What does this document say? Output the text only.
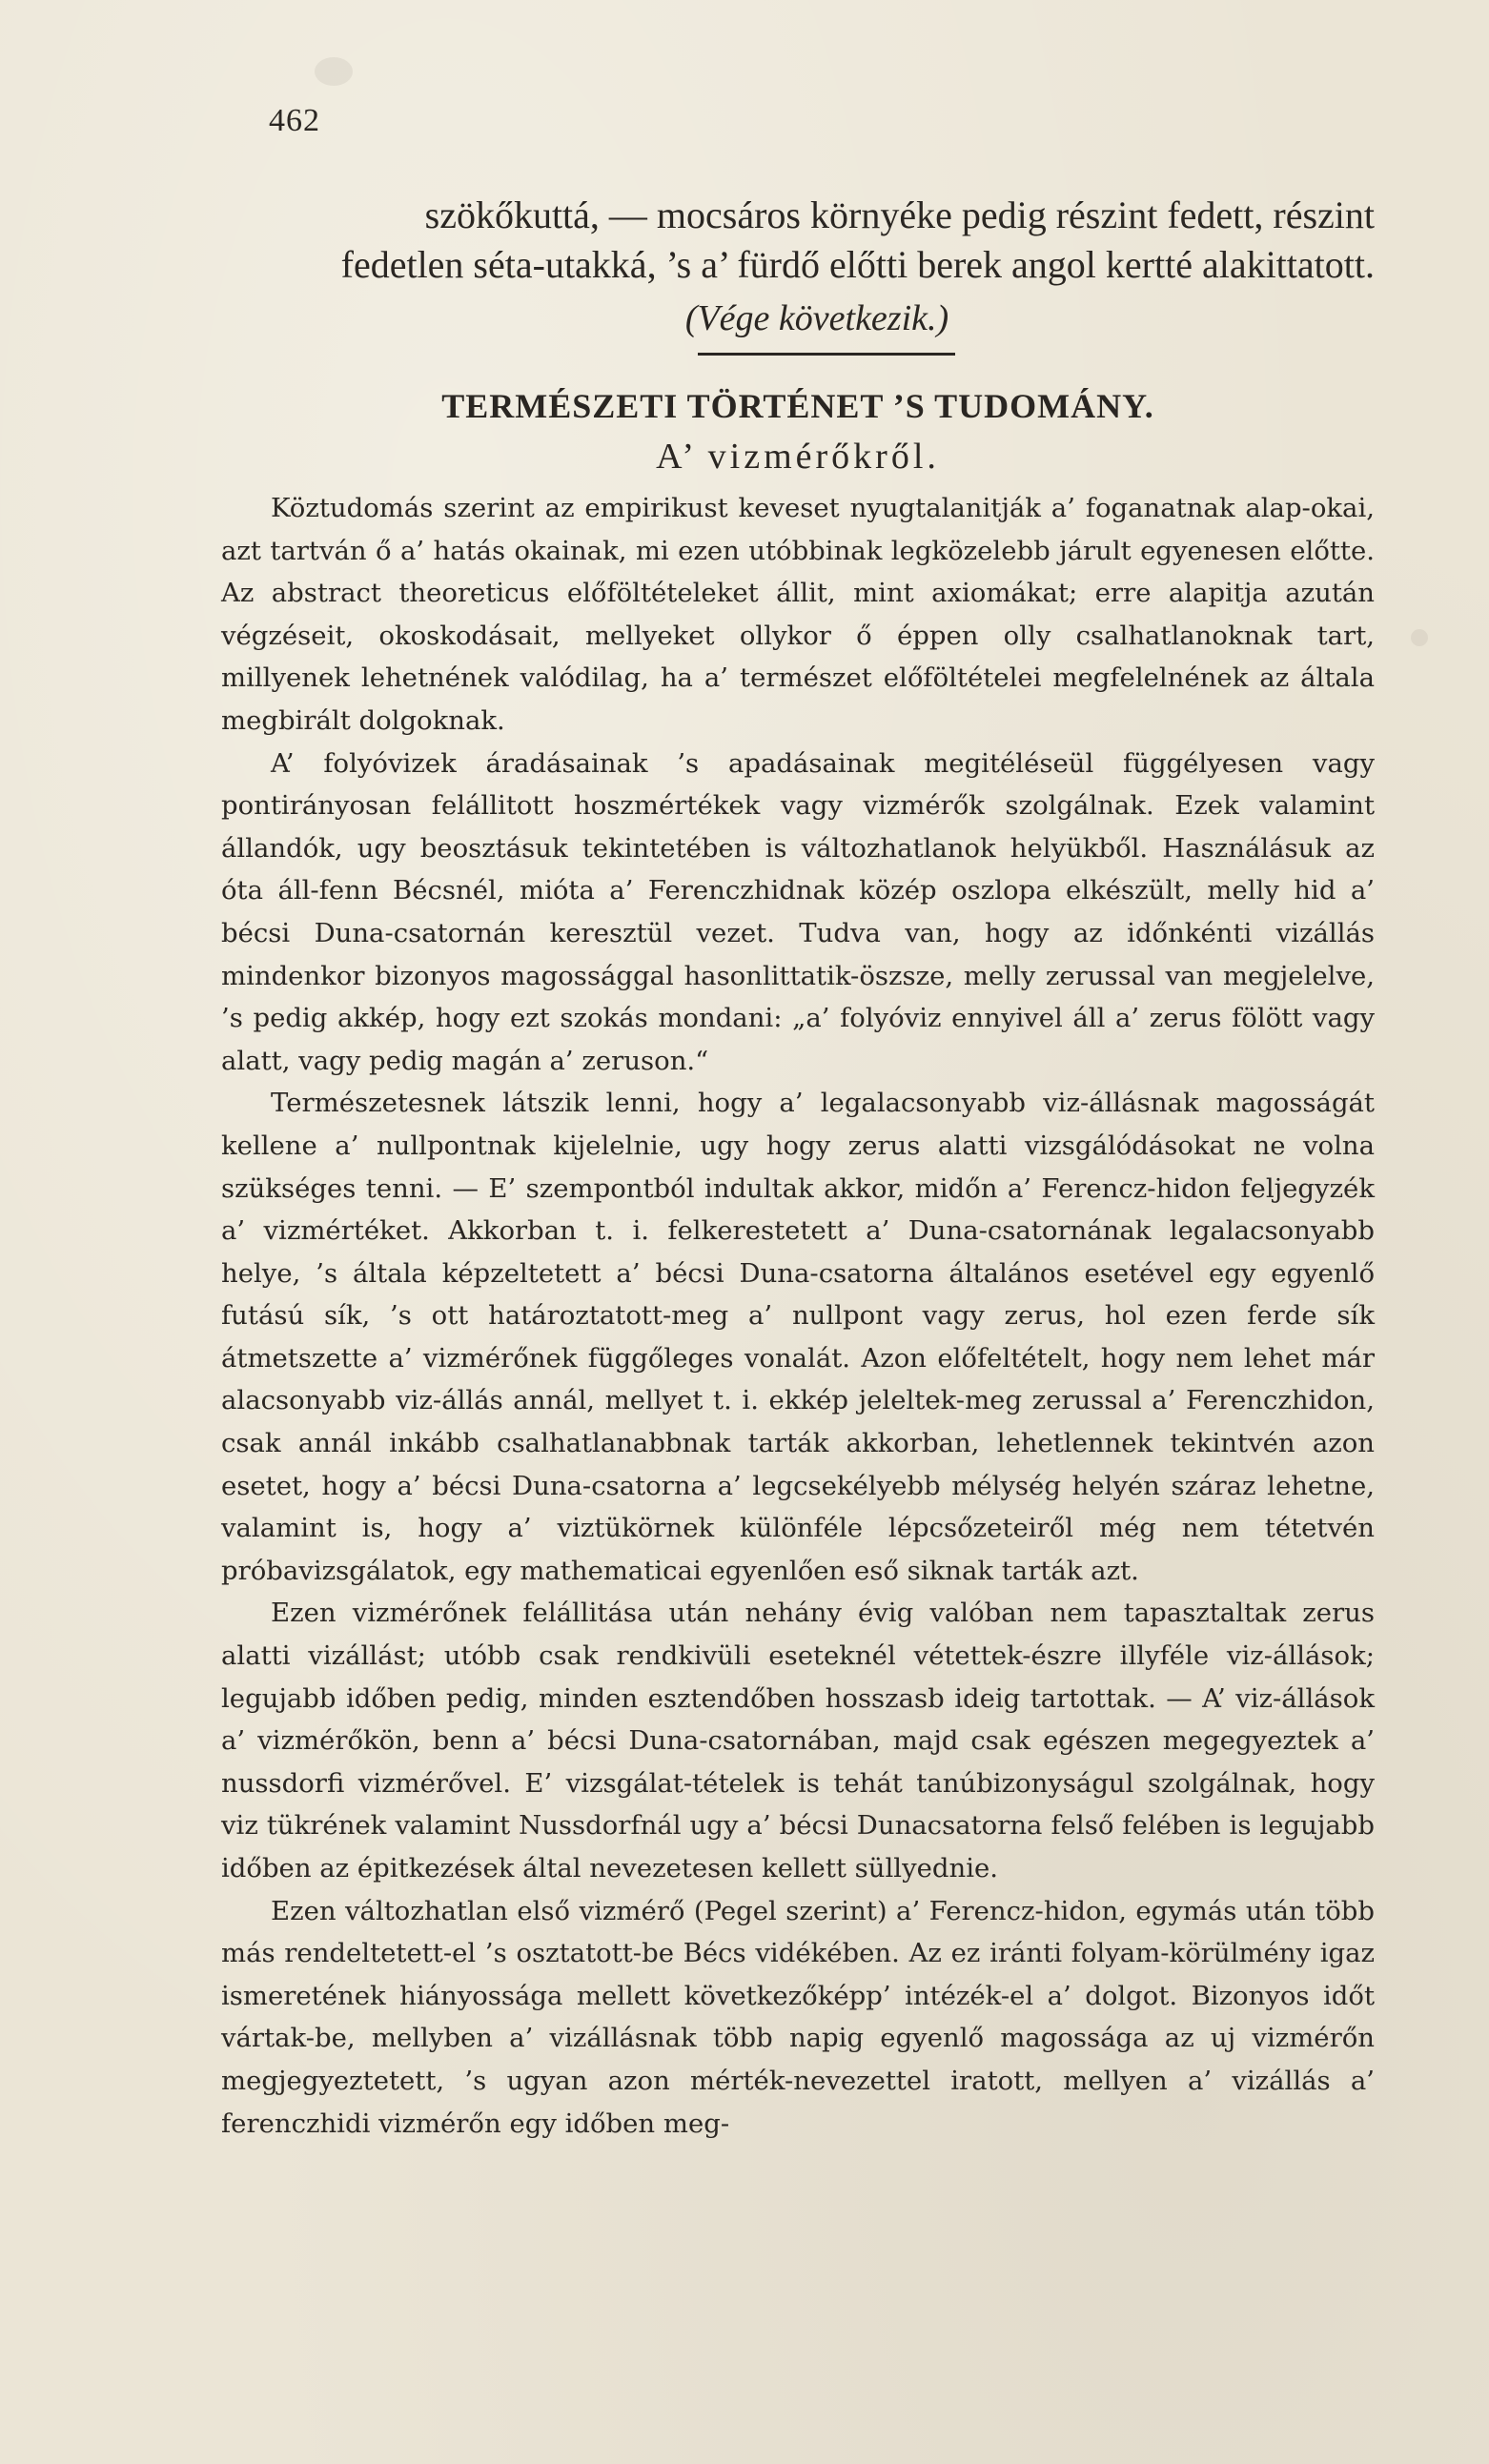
462

szökőkuttá, — mocsáros környéke pedig részint fedett, részint

fedetlen séta-utakká, ’s a’ fürdő előtti berek angol kertté alakittatott.

(Vége következik.)

TERMÉSZETI TÖRTÉNET ’S TUDOMÁNY.

A’ vizmérőkről.

Köztudomás szerint az empirikust keveset nyugtalanitják a’ foganatnak alap-okai, azt tartván ő a’ hatás okainak, mi ezen utóbbinak legközelebb járult egyenesen előtte. Az abstract theoreticus előföltételeket állit, mint axiomákat; erre alapitja azután végzéseit, okoskodásait, mellyeket ollykor ő éppen olly csalhatlanoknak tart, millyenek lehetnének valódilag, ha a’ természet előföltételei megfelelnének az általa megbirált dolgoknak.

A’ folyóvizek áradásainak ’s apadásainak megitéléseül függélyesen vagy pontirányosan felállitott hoszmértékek vagy vizmérők szolgálnak. Ezek valamint állandók, ugy beosztásuk tekintetében is változhatlanok helyükből. Használásuk az óta áll-fenn Bécsnél, mióta a’ Ferenczhidnak közép oszlopa elkészült, melly hid a’ bécsi Duna-csatornán keresztül vezet. Tudva van, hogy az időnkénti vizállás mindenkor bizonyos magossággal hasonlittatik-öszsze, melly zerussal van megjelelve, ’s pedig akkép, hogy ezt szokás mondani: „a’ folyóviz ennyivel áll a’ zerus fölött vagy alatt, vagy pedig magán a’ zeruson.“

Természetesnek látszik lenni, hogy a’ legalacsonyabb viz-állásnak magosságát kellene a’ nullpontnak kijelelnie, ugy hogy zerus alatti vizsgálódásokat ne volna szükséges tenni. — E’ szempontból indultak akkor, midőn a’ Ferencz-hidon feljegyzék a’ vizmértéket. Akkorban t. i. felkerestetett a’ Duna-csatornának legalacsonyabb helye, ’s általa képzeltetett a’ bécsi Duna-csatorna általános esetével egy egyenlő futású sík, ’s ott határoztatott-meg a’ nullpont vagy zerus, hol ezen ferde sík átmetszette a’ vizmérőnek függőleges vonalát. Azon előfeltételt, hogy nem lehet már alacsonyabb viz-állás annál, mellyet t. i. ekkép jeleltek-meg zerussal a’ Ferenczhidon, csak annál inkább csalhatlanabbnak tarták akkorban, lehetlennek tekintvén azon esetet, hogy a’ bécsi Duna-csatorna a’ legcsekélyebb mélység helyén száraz lehetne, valamint is, hogy a’ viztükörnek különféle lépcsőzeteiről még nem tétetvén próbavizsgálatok, egy mathematicai egyenlően eső siknak tarták azt.

Ezen vizmérőnek felállitása után nehány évig valóban nem tapasztaltak zerus alatti vizállást; utóbb csak rendkivüli eseteknél vétettek-észre illyféle viz-állások; legujabb időben pedig, minden esztendőben hosszasb ideig tartottak. — A’ viz-állások a’ vizmérőkön, benn a’ bécsi Duna-csatornában, majd csak egészen megegyeztek a’ nussdorfi vizmérővel. E’ vizsgálat-tételek is tehát tanúbizonyságul szolgálnak, hogy viz tükrének valamint Nussdorfnál ugy a’ bécsi Dunacsatorna felső felében is legujabb időben az épitkezések által nevezetesen kellett süllyednie.

Ezen változhatlan első vizmérő (Pegel szerint) a’ Ferencz-hidon, egymás után több más rendeltetett-el ’s osztatott-be Bécs vidékében. Az ez iránti folyam-körülmény igaz ismeretének hiányossága mellett következőképp’ intézék-el a’ dolgot. Bizonyos időt vártak-be, mellyben a’ vizállásnak több napig egyenlő magossága az uj vizmérőn megjegyeztetett, ’s ugyan azon mérték-nevezettel iratott, mellyen a’ vizállás a’ ferenczhidi vizmérőn egy időben meg-
